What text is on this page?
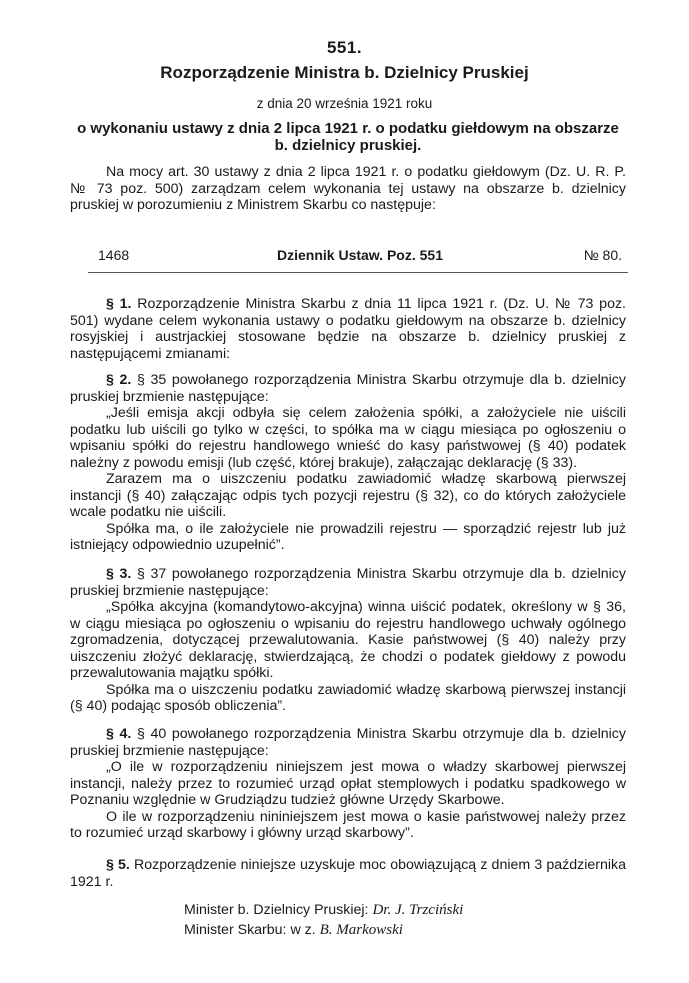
551.
Rozporządzenie Ministra b. Dzielnicy Pruskiej
z dnia 20 września 1921 roku
o wykonaniu ustawy z dnia 2 lipca 1921 r. o podatku giełdowym na obszarze b. dzielnicy pruskiej.
Na mocy art. 30 ustawy z dnia 2 lipca 1921 r. o podatku giełdowym (Dz. U. R. P. № 73 poz. 500) zarządzam celem wykonania tej ustawy na obszarze b. dzielnicy pruskiej w porozumieniu z Ministrem Skarbu co następuje:
1468	Dziennik Ustaw. Poz. 551	№ 80.

§ 1. Rozporządzenie Ministra Skarbu z dnia 11 lipca 1921 r. (Dz. U. № 73 poz. 501) wydane celem wykonania ustawy o podatku giełdowym na obszarze b. dzielnicy rosyjskiej i austrjackiej stosowane będzie na obszarze b. dzielnicy pruskiej z następującemi zmianami:

§ 2. § 35 powołanego rozporządzenia Ministra Skarbu otrzymuje dla b. dzielnicy pruskiej brzmienie następujące:

„Jeśli emisja akcji odbyła się celem założenia spółki, a założyciele nie uiścili podatku lub uiścili go tylko w części, to spółka ma w ciągu miesiąca po ogłoszeniu o wpisaniu spółki do rejestru handlowego wnieść do kasy państwowej (§ 40) podatek należny z powodu emisji (lub część, której brakuje), załączając deklarację (§ 33).

Zarazem ma o uiszczeniu podatku zawiadomić władzę skarbową pierwszej instancji (§ 40) załączając odpis tych pozycji rejestru (§ 32), co do których założyciele wcale podatku nie uiścili.

Spółka ma, o ile założyciele nie prowadzili rejestru — sporządzić rejestr lub już istniejący odpowiednio uzupełnić”.

§ 3. § 37 powołanego rozporządzenia Ministra Skarbu otrzymuje dla b. dzielnicy pruskiej brzmienie następujące:

„Spółka akcyjna (komandytowo-akcyjna) winna uiścić podatek, określony w § 36, w ciągu miesiąca po ogłoszeniu o wpisaniu do rejestru handlowego uchwały ogólnego zgromadzenia, dotyczącej przewalutowania. Kasie państwowej (§ 40) należy przy uiszczeniu złożyć deklarację, stwierdzającą, że chodzi o podatek giełdowy z powodu przewalutowania majątku spółki.

Spółka ma o uiszczeniu podatku zawiadomić władzę skarbową pierwszej instancji (§ 40) podając sposób obliczenia”.

§ 4. § 40 powołanego rozporządzenia Ministra Skarbu otrzymuje dla b. dzielnicy pruskiej brzmienie następujące:

„O ile w rozporządzeniu niniejszem jest mowa o władzy skarbowej pierwszej instancji, należy przez to rozumieć urząd opłat stemplowych i podatku spadkowego w Poznaniu względnie w Grudziądzu tudzież główne Urzędy Skarbowe.

O ile w rozporządzeniu nininiejszem jest mowa o kasie państwowej należy przez to rozumieć urząd skarbowy i główny urząd skarbowy”.

§ 5. Rozporządzenie niniejsze uzyskuje moc obowiązującą z dniem 3 października 1921 r.

Minister b. Dzielnicy Pruskiej: Dr. J. Trzciński
Minister Skarbu: w z. B. Markowski
